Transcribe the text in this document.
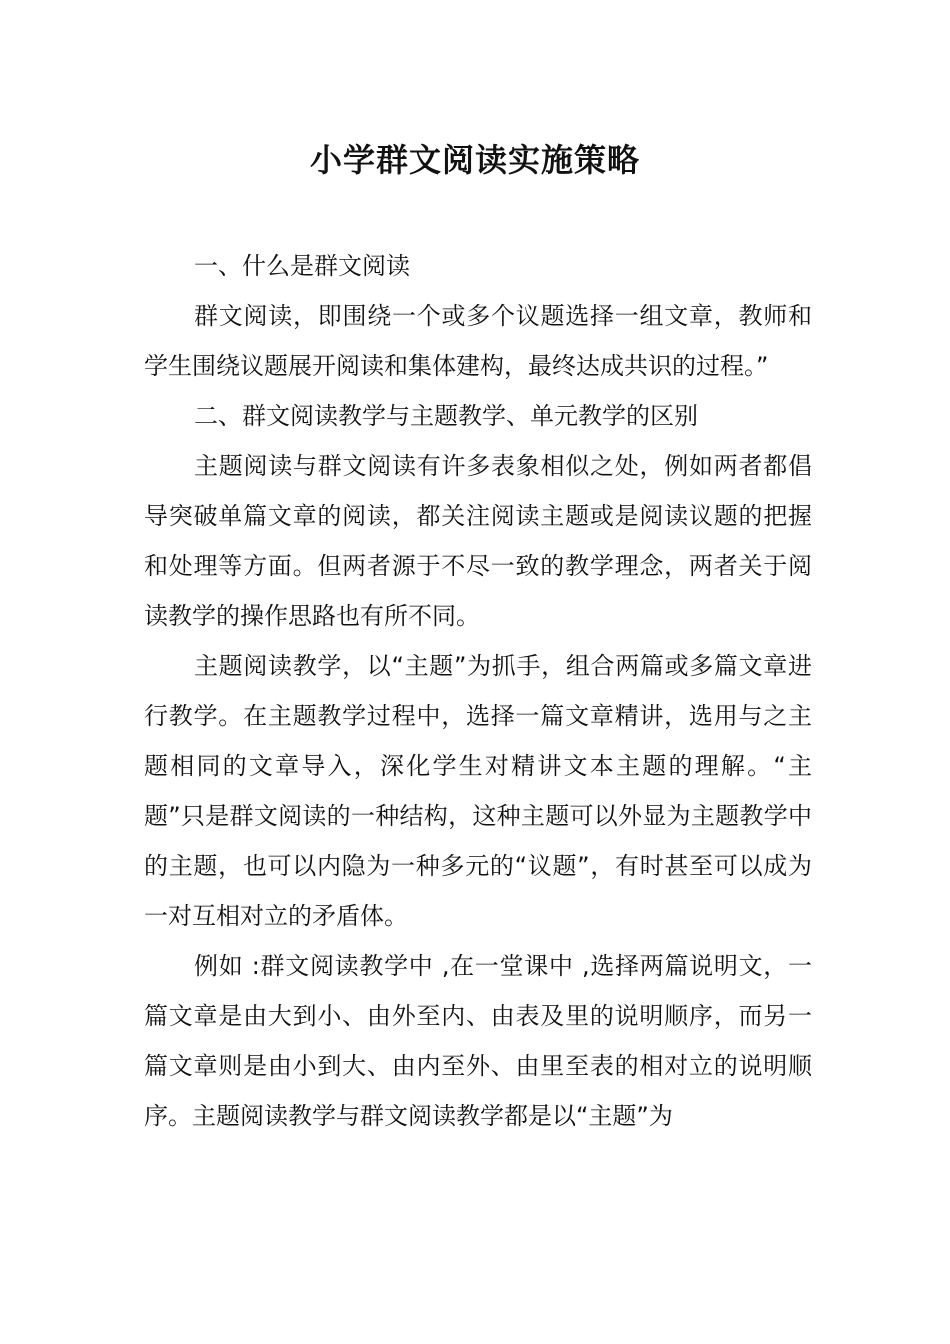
小学群文阅读实施策略

一、什么是群文阅读

群文阅读，即围绕一个或多个议题选择一组文章，教师和学生围绕议题展开阅读和集体建构，最终达成共识的过程。”

二、群文阅读教学与主题教学、单元教学的区别

主题阅读与群文阅读有许多表象相似之处，例如两者都倡导突破单篇文章的阅读，都关注阅读主题或是阅读议题的把握和处理等方面。但两者源于不尽一致的教学理念，两者关于阅读教学的操作思路也有所不同。

主题阅读教学，以“主题”为抓手，组合两篇或多篇文章进行教学。在主题教学过程中，选择一篇文章精讲，选用与之主题相同的文章导入，深化学生对精讲文本主题的理解。“主题”只是群文阅读的一种结构，这种主题可以外显为主题教学中的主题，也可以内隐为一种多元的“议题”，有时甚至可以成为一对互相对立的矛盾体。

例如 :群文阅读教学中 ,在一堂课中 ,选择两篇说明文，一篇文章是由大到小、由外至内、由表及里的说明顺序，而另一篇文章则是由小到大、由内至外、由里至表的相对立的说明顺序。主题阅读教学与群文阅读教学都是以“主题”为
